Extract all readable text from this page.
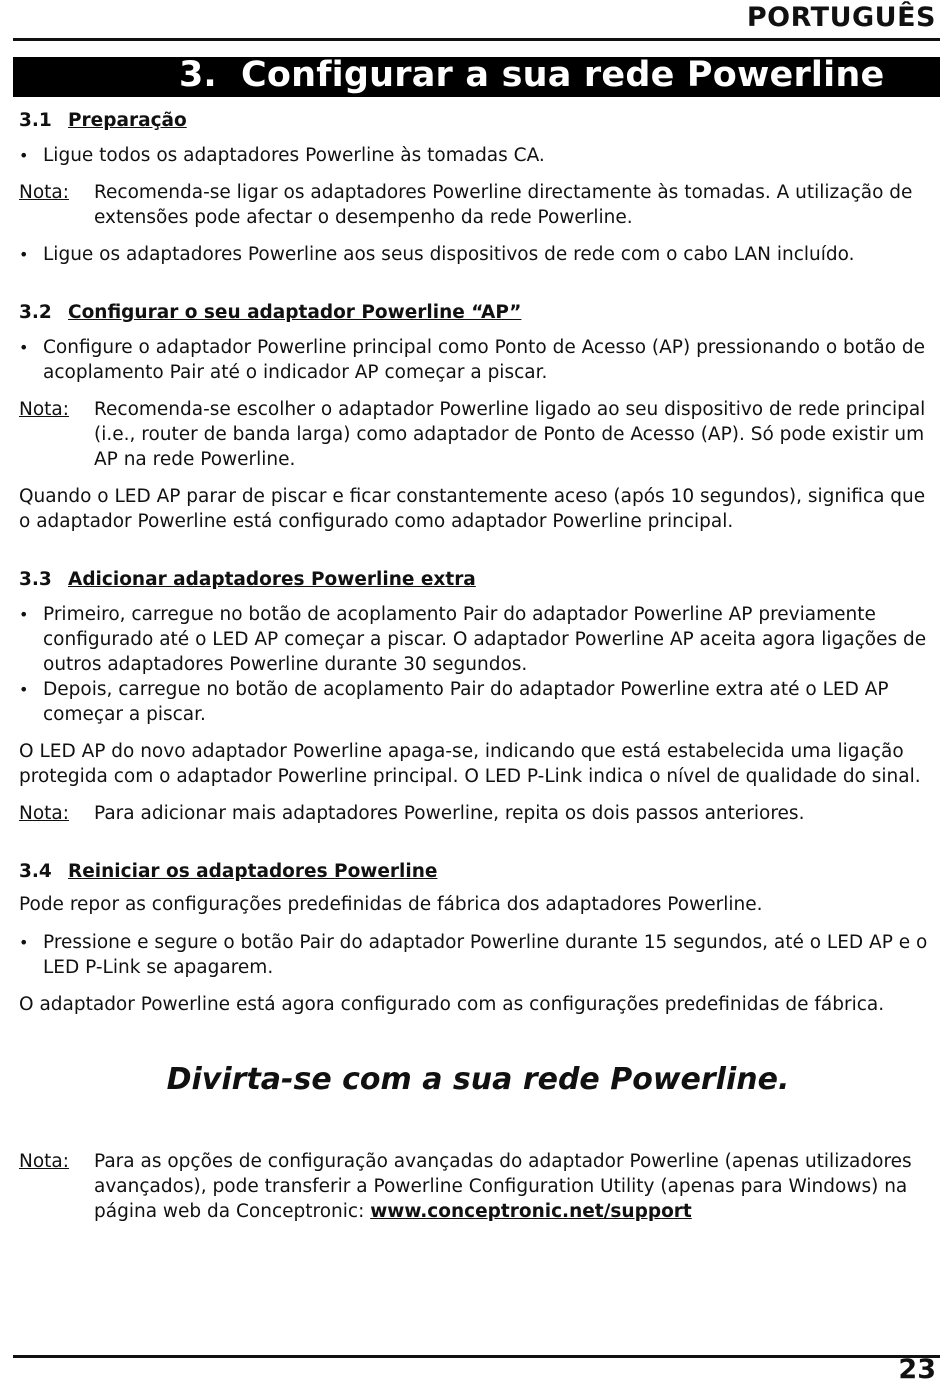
PORTUGUÊS
3. Configurar a sua rede Powerline
3.1 Preparação
• Ligue todos os adaptadores Powerline às tomadas CA.
Nota:	Recomenda-se ligar os adaptadores Powerline directamente às tomadas. A utilização de extensões pode afectar o desempenho da rede Powerline.
• Ligue os adaptadores Powerline aos seus dispositivos de rede com o cabo LAN incluído.
3.2 Configurar o seu adaptador Powerline “AP”
• Configure o adaptador Powerline principal como Ponto de Acesso (AP) pressionando o botão de acoplamento Pair até o indicador AP começar a piscar.
Nota:	Recomenda-se escolher o adaptador Powerline ligado ao seu dispositivo de rede principal (i.e., router de banda larga) como adaptador de Ponto de Acesso (AP). Só pode existir um AP na rede Powerline.

Quando o LED AP parar de piscar e ficar constantemente aceso (após 10 segundos), significa que o adaptador Powerline está configurado como adaptador Powerline principal.

3.3 Adicionar adaptadores Powerline extra
• Primeiro, carregue no botão de acoplamento Pair do adaptador Powerline AP previamente configurado até o LED AP começar a piscar. O adaptador Powerline AP aceita agora ligações de outros adaptadores Powerline durante 30 segundos.
• Depois, carregue no botão de acoplamento Pair do adaptador Powerline extra até o LED AP começar a piscar.

O LED AP do novo adaptador Powerline apaga-se, indicando que está estabelecida uma ligação protegida com o adaptador Powerline principal. O LED P-Link indica o nível de qualidade do sinal.

Nota:	Para adicionar mais adaptadores Powerline, repita os dois passos anteriores.
3.4 Reiniciar os adaptadores Powerline

Pode repor as configurações predefinidas de fábrica dos adaptadores Powerline.

• Pressione e segure o botão Pair do adaptador Powerline durante 15 segundos, até o LED AP e o LED P-Link se apagarem.

O adaptador Powerline está agora configurado com as configurações predefinidas de fábrica.

Divirta-se com a sua rede Powerline.
Nota:	Para as opções de configuração avançadas do adaptador Powerline (apenas utilizadores avançados), pode transferir a Powerline Configuration Utility (apenas para Windows) na página web da Conceptronic: www.conceptronic.net/support
23
